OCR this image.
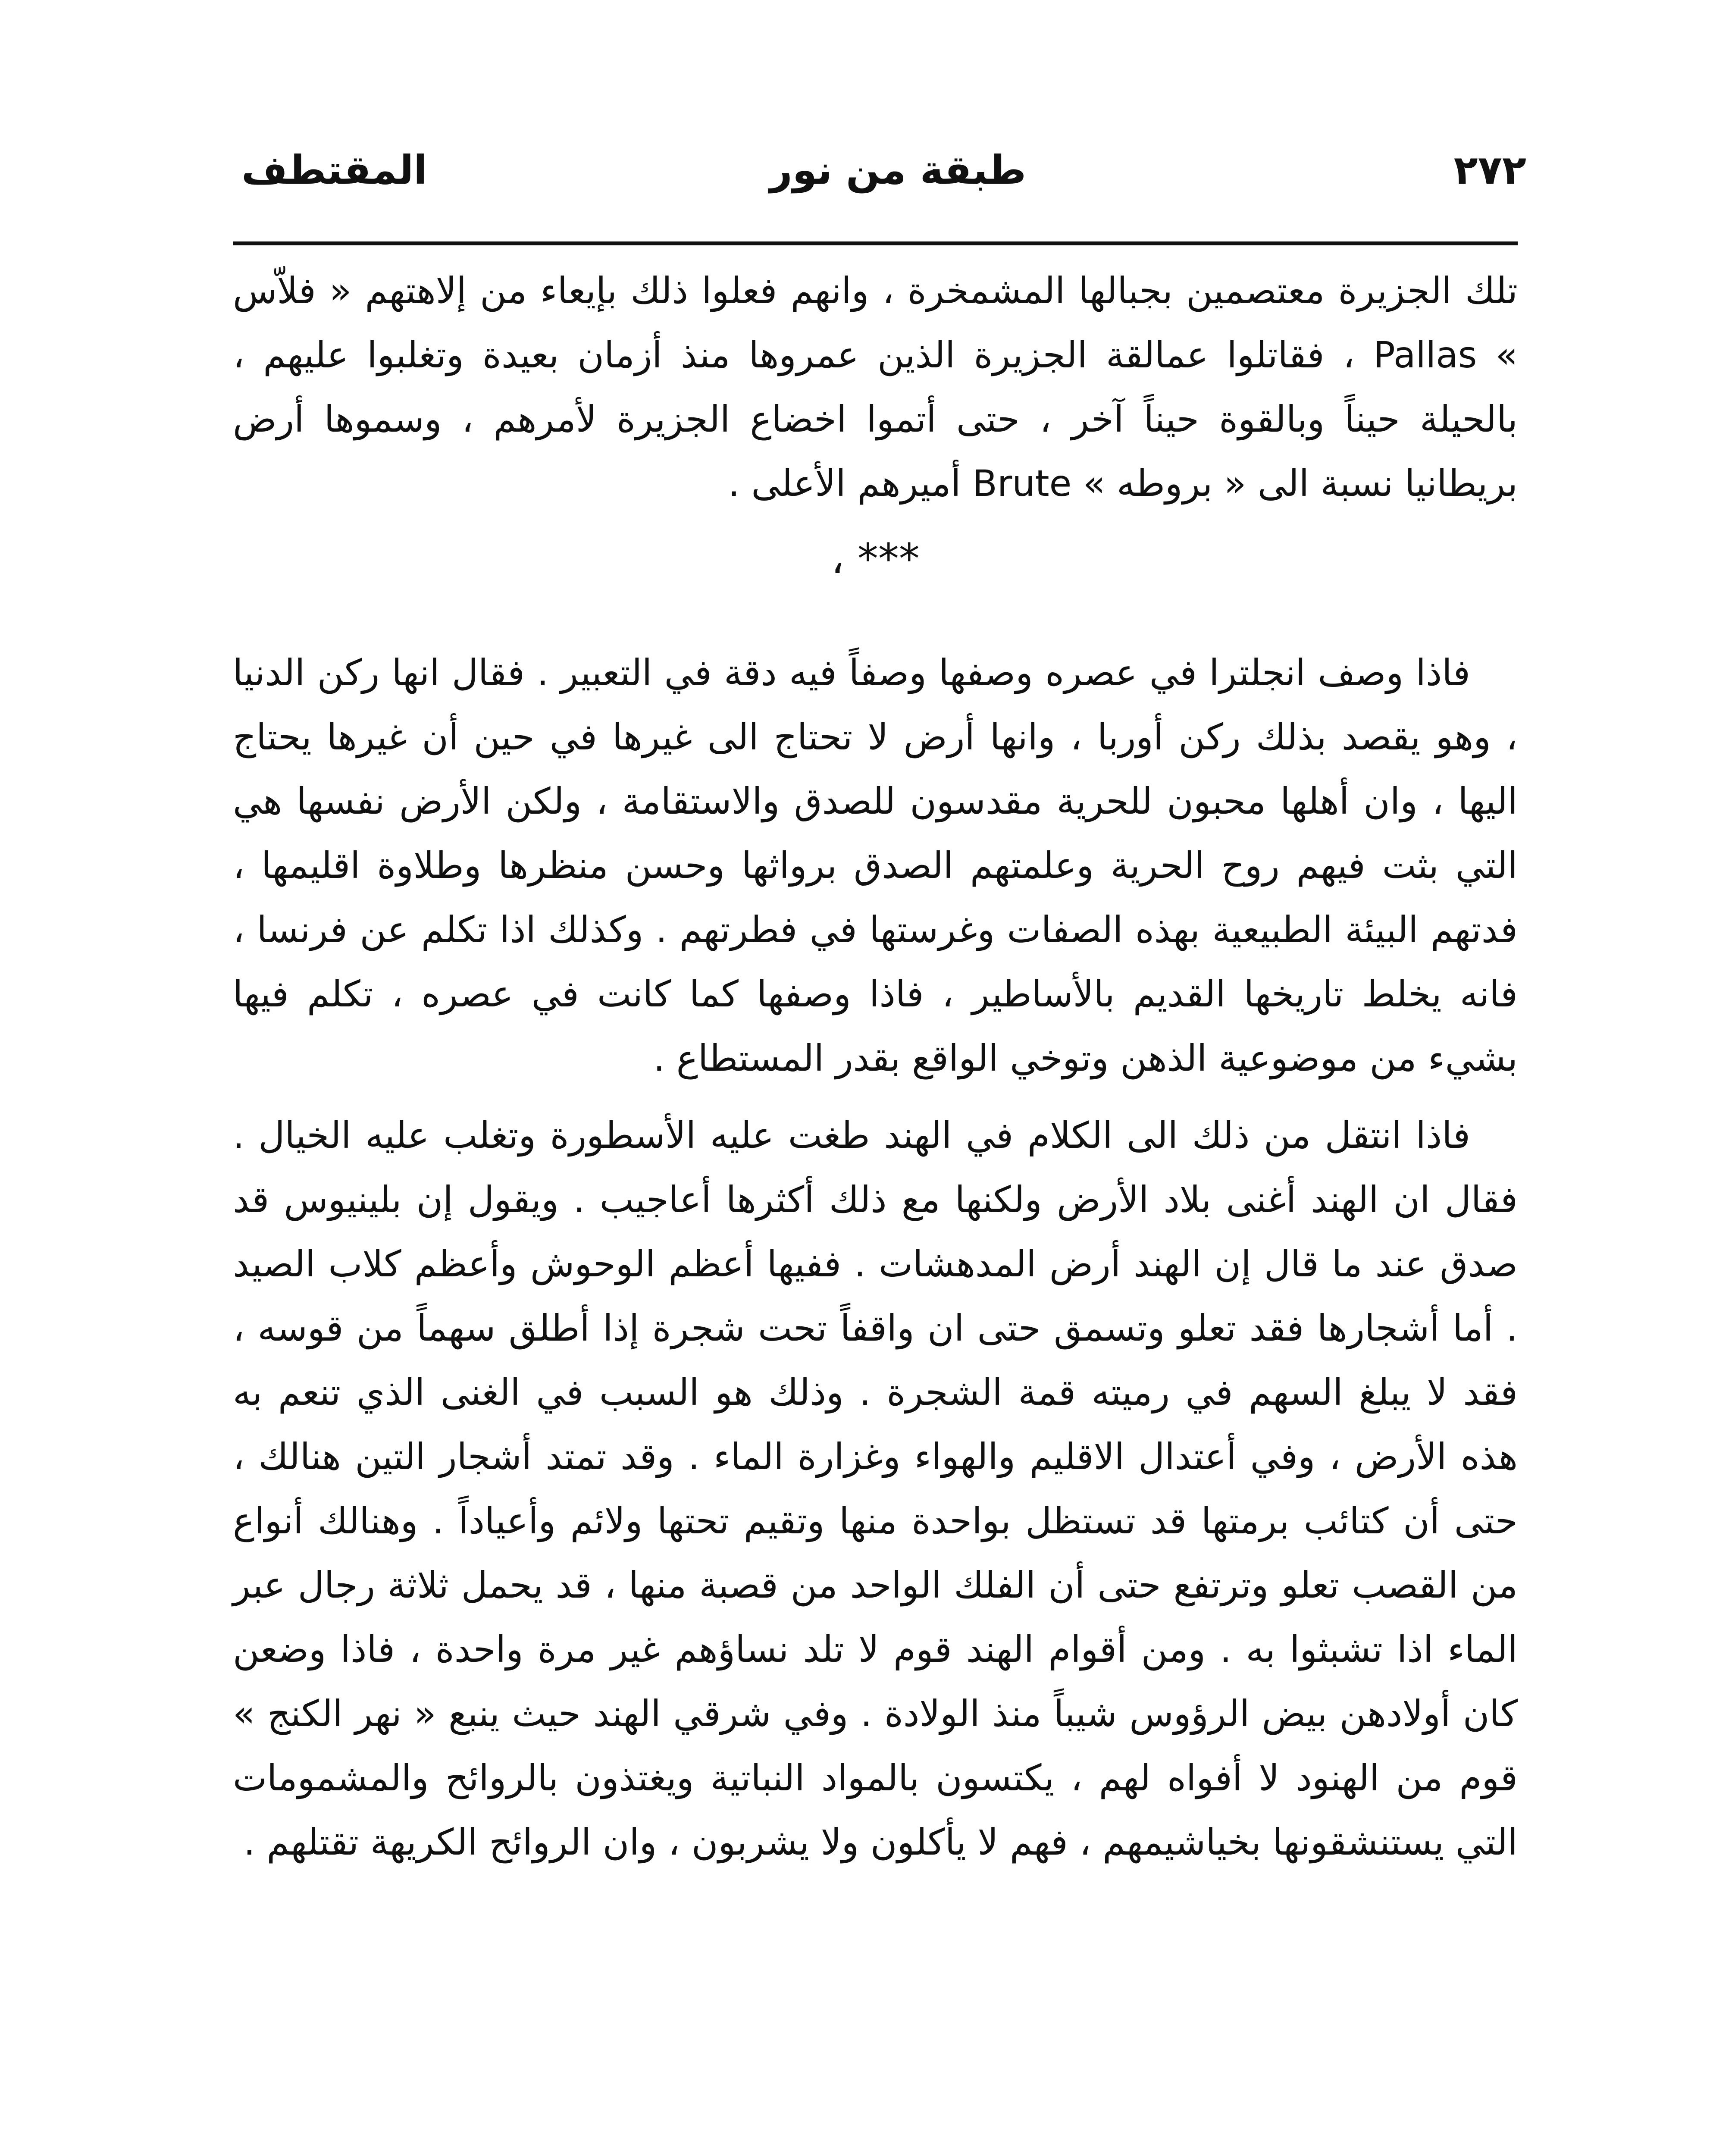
٢٧٢
طبقة من نور
المقتطف

تلك الجزيرة معتصمين بجبالها المشمخرة ، وانهم فعلوا ذلك بإيعاء من إلاهتهم « فلاّس » Pallas ، فقاتلوا عمالقة الجزيرة الذين عمروها منذ أزمان بعيدة وتغلبوا عليهم ، بالحيلة حيناً وبالقوة حيناً آخر ، حتى أتموا اخضاع الجزيرة لأمرهم ، وسموها أرض بريطانيا نسبة الى « بروطه » Brute أميرهم الأعلى .

*** ،

فاذا وصف انجلترا في عصره وصفها وصفاً فيه دقة في التعبير . فقال انها ركن الدنيا ، وهو يقصد بذلك ركن أوربا ، وانها أرض لا تحتاج الى غيرها في حين أن غيرها يحتاج اليها ، وان أهلها محبون للحرية مقدسون للصدق والاستقامة ، ولكن الأرض نفسها هي التي بثت فيهم روح الحرية وعلمتهم الصدق برواثها وحسن منظرها وطلاوة اقليمها ، فدتهم البيئة الطبيعية بهذه الصفات وغرستها في فطرتهم . وكذلك اذا تكلم عن فرنسا ، فانه يخلط تاريخها القديم بالأساطير ، فاذا وصفها كما كانت في عصره ، تكلم فيها بشيء من موضوعية الذهن وتوخي الواقع بقدر المستطاع .

فاذا انتقل من ذلك الى الكلام في الهند طغت عليه الأسطورة وتغلب عليه الخيال . فقال ان الهند أغنى بلاد الأرض ولكنها مع ذلك أكثرها أعاجيب . ويقول إن بلينيوس قد صدق عند ما قال إن الهند أرض المدهشات . ففيها أعظم الوحوش وأعظم كلاب الصيد . أما أشجارها فقد تعلو وتسمق حتى ان واقفاً تحت شجرة إذا أطلق سهماً من قوسه ، فقد لا يبلغ السهم في رميته قمة الشجرة . وذلك هو السبب في الغنى الذي تنعم به هذه الأرض ، وفي أعتدال الاقليم والهواء وغزارة الماء . وقد تمتد أشجار التين هنالك ، حتى أن كتائب برمتها قد تستظل بواحدة منها وتقيم تحتها ولائم وأعياداً . وهنالك أنواع من القصب تعلو وترتفع حتى أن الفلك الواحد من قصبة منها ، قد يحمل ثلاثة رجال عبر الماء اذا تشبثوا به . ومن أقوام الهند قوم لا تلد نساؤهم غير مرة واحدة ، فاذا وضعن كان أولادهن بيض الرؤوس شيباً منذ الولادة . وفي شرقي الهند حيث ينبع « نهر الكنج » قوم من الهنود لا أفواه لهم ، يكتسون بالمواد النباتية ويغتذون بالروائح والمشمومات التي يستنشقونها بخياشيمهم ، فهم لا يأكلون ولا يشربون ، وان الروائح الكريهة تقتلهم .
